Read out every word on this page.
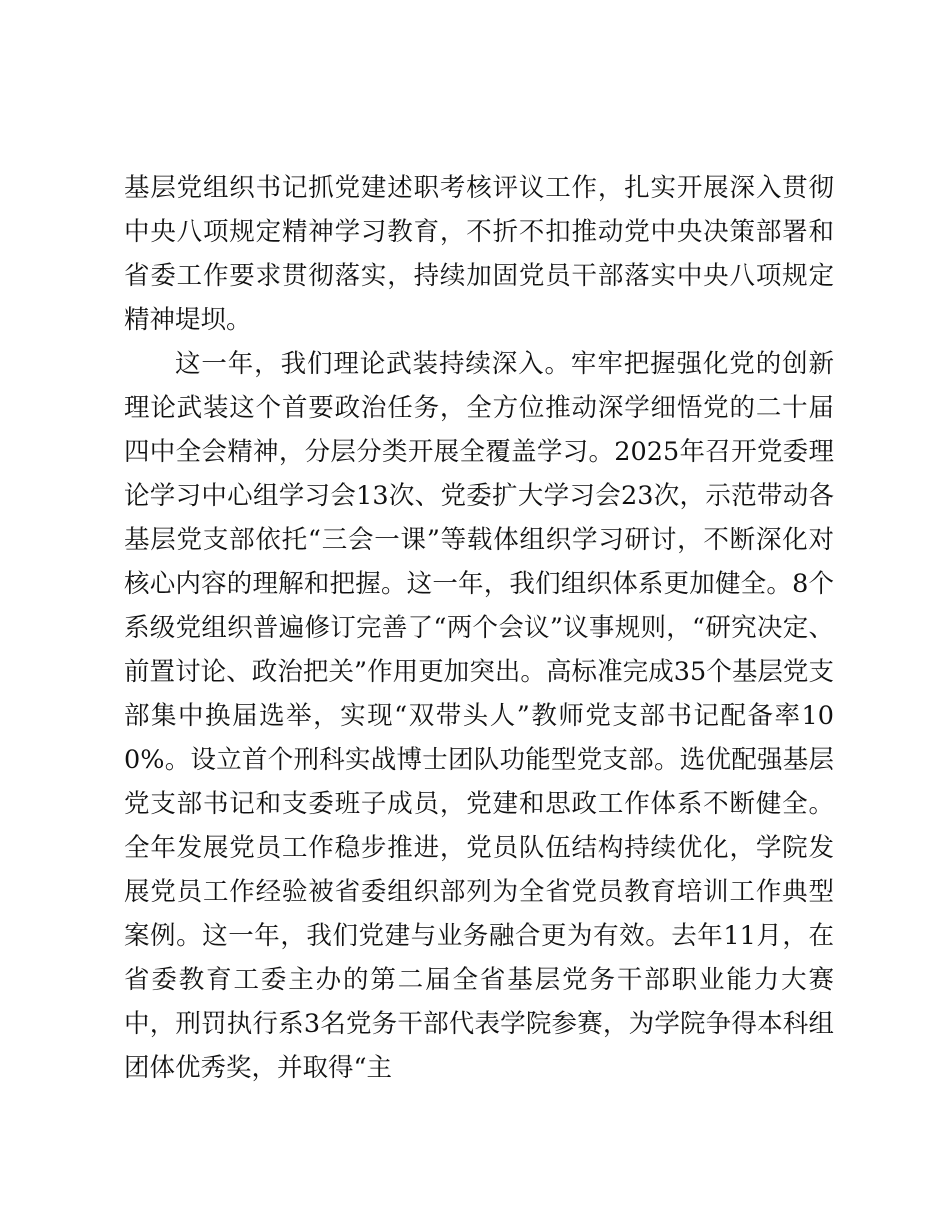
基层党组织书记抓党建述职考核评议工作，扎实开展深入贯彻中央八项规定精神学习教育，不折不扣推动党中央决策部署和省委工作要求贯彻落实，持续加固党员干部落实中央八项规定精神堤坝。

这一年，我们理论武装持续深入。牢牢把握强化党的创新理论武装这个首要政治任务，全方位推动深学细悟党的二十届四中全会精神，分层分类开展全覆盖学习。2025年召开党委理论学习中心组学习会13次、党委扩大学习会23次，示范带动各基层党支部依托“三会一课”等载体组织学习研讨，不断深化对核心内容的理解和把握。这一年，我们组织体系更加健全。8个系级党组织普遍修订完善了“两个会议”议事规则，“研究决定、前置讨论、政治把关”作用更加突出。高标准完成35个基层党支部集中换届选举，实现“双带头人”教师党支部书记配备率100%。设立首个刑科实战博士团队功能型党支部。选优配强基层党支部书记和支委班子成员，党建和思政工作体系不断健全。全年发展党员工作稳步推进，党员队伍结构持续优化，学院发展党员工作经验被省委组织部列为全省党员教育培训工作典型案例。这一年，我们党建与业务融合更为有效。去年11月，在省委教育工委主办的第二届全省基层党务干部职业能力大赛中，刑罚执行系3名党务干部代表学院参赛，为学院争得本科组团体优秀奖，并取得“主
